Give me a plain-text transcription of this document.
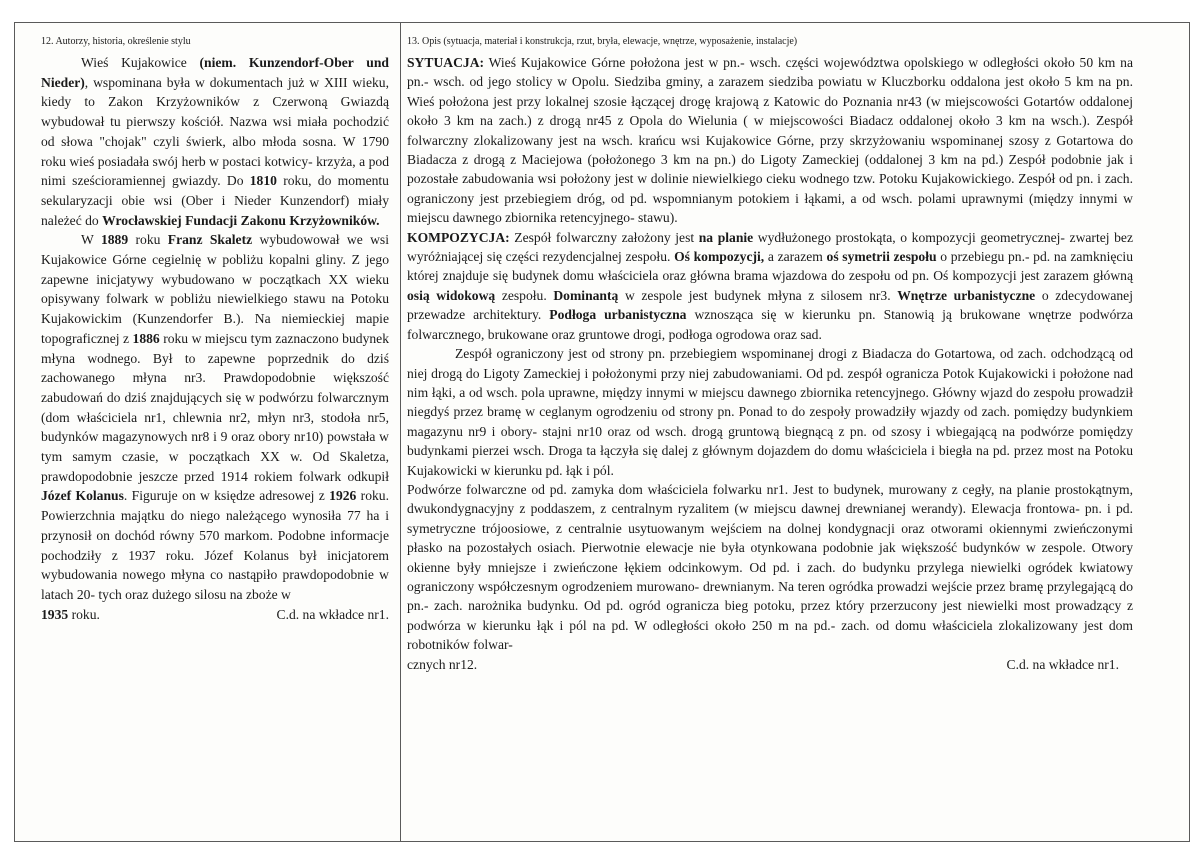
12. Autorzy, historia, określenie stylu

Wieś Kujakowice (niem. Kunzendorf-Ober und Nieder), wspominana była w dokumentach już w XIII wieku, kiedy to Zakon Krzyżowników z Czerwoną Gwiazdą wybudował tu pierwszy kościół. Nazwa wsi miała pochodzić od słowa "chojak" czyli świerk, albo młoda sosna. W 1790 roku wieś posiadała swój herb w postaci kotwicy- krzyża, a pod nimi sześcioramiennej gwiazdy. Do 1810 roku, do momentu sekularyzacji obie wsi (Ober i Nieder Kunzendorf) miały należeć do Wrocławskiej Fundacji Zakonu Krzyżowników.

W 1889 roku Franz Skaletz wybudowował we wsi Kujakowice Górne cegielnię w pobliżu kopalni gliny. Z jego zapewne inicjatywy wybudowano w początkach XX wieku opisywany folwark w pobliżu niewielkiego stawu na Potoku Kujakowickim (Kunzendorfer B.). Na niemieckiej mapie topograficznej z 1886 roku w miejscu tym zaznaczono budynek młyna wodnego. Był to zapewne poprzednik do dziś zachowanego młyna nr3. Prawdopodobnie większość zabudowań do dziś znajdujących się w podwórzu folwarcznym (dom właściciela nr1, chlewnia nr2, młyn nr3, stodoła nr5, budynków magazynowych nr8 i 9 oraz obory nr10) powstała w tym samym czasie, w początkach XX w. Od Skaletza, prawdopodobnie jeszcze przed 1914 rokiem folwark odkupił Józef Kolanus. Figuruje on w księdze adresowej z 1926 roku. Powierzchnia majątku do niego należącego wynosiła 77 ha i przynosił on dochód równy 570 markom. Podobne informacje pochodziły z 1937 roku. Józef Kolanus był inicjatorem wybudowania nowego młyna co nastąpiło prawdopodobnie w latach 20- tych oraz dużego silosu na zboże w

1935 roku.	C.d. na wkładce nr1.
13. Opis (sytuacja, materiał i konstrukcja, rzut, bryła, elewacje, wnętrze, wyposażenie, instalacje)

SYTUACJA: Wieś Kujakowice Górne położona jest w pn.- wsch. części województwa opolskiego w odległości około 50 km na pn.- wsch. od jego stolicy w Opolu. Siedziba gminy, a zarazem siedziba powiatu w Kluczborku oddalona jest około 5 km na pn. Wieś położona jest przy lokalnej szosie łączącej drogę krajową z Katowic do Poznania nr43 (w miejscowości Gotartów oddalonej około 3 km na zach.) z drogą nr45 z Opola do Wielunia ( w miejscowości Biadacz oddalonej około 3 km na wsch.). Zespół folwarczny zlokalizowany jest na wsch. krańcu wsi Kujakowice Górne, przy skrzyżowaniu wspominanej szosy z Gotartowa do Biadacza z drogą z Maciejowa (położonego 3 km na pn.) do Ligoty Zameckiej (oddalonej 3 km na pd.) Zespół podobnie jak i pozostałe zabudowania wsi położony jest w dolinie niewielkiego cieku wodnego tzw. Potoku Kujakowickiego. Zespół od pn. i zach. ograniczony jest przebiegiem dróg, od pd. wspomnianym potokiem i łąkami, a od wsch. polami uprawnymi (między innymi w miejscu dawnego zbiornika retencyjnego- stawu).

KOMPOZYCJA: Zespół folwarczny założony jest na planie wydłużonego prostokąta, o kompozycji geometrycznej- zwartej bez wyróżniającej się części rezydencjalnej zespołu. Oś kompozycji, a zarazem oś symetrii zespołu o przebiegu pn.- pd. na zamknięciu której znajduje się budynek domu właściciela oraz główna brama wjazdowa do zespołu od pn. Oś kompozycji jest zarazem główną osią widokową zespołu. Dominantą w zespole jest budynek młyna z silosem nr3. Wnętrze urbanistyczne o zdecydowanej przewadze architektury. Podłoga urbanistyczna wznosząca się w kierunku pn. Stanowią ją brukowane wnętrze podwórza folwarcznego, brukowane oraz gruntowe drogi, podłoga ogrodowa oraz sad.

Zespół ograniczony jest od strony pn. przebiegiem wspominanej drogi z Biadacza do Gotartowa, od zach. odchodzącą od niej drogą do Ligoty Zameckiej i położonymi przy niej zabudowaniami. Od pd. zespół ogranicza Potok Kujakowicki i położone nad nim łąki, a od wsch. pola uprawne, między innymi w miejscu dawnego zbiornika retencyjnego. Główny wjazd do zespołu prowadził niegdyś przez bramę w ceglanym ogrodzeniu od strony pn. Ponad to do zespoły prowadziły wjazdy od zach. pomiędzy budynkiem magazynu nr9 i obory- stajni nr10 oraz od wsch. drogą gruntową biegnącą z pn. od szosy i wbiegającą na podwórze pomiędzy budynkami pierzei wsch. Droga ta łączyła się dalej z głównym dojazdem do domu właściciela i biegła na pd. przez most na Potoku Kujakowicki w kierunku pd. łąk i pól.

Podwórze folwarczne od pd. zamyka dom właściciela folwarku nr1. Jest to budynek, murowany z cegły, na planie prostokątnym, dwukondygnacyjny z poddaszem, z centralnym ryzalitem (w miejscu dawnej drewnianej werandy). Elewacja frontowa- pn. i pd. symetryczne trójoosiowe, z centralnie usytuowanym wejściem na dolnej kondygnacji oraz otworami okiennymi zwieńczonymi płasko na pozostałych osiach. Pierwotnie elewacje nie była otynkowana podobnie jak większość budynków w zespole. Otwory okienne były mniejsze i zwieńczone łękiem odcinkowym. Od pd. i zach. do budynku przylega niewielki ogródek kwiatowy ograniczony współczesnym ogrodzeniem murowano- drewnianym. Na teren ogródka prowadzi wejście przez bramę przylegającą do pn.- zach. narożnika budynku. Od pd. ogród ogranicza bieg potoku, przez który przerzucony jest niewielki most prowadzący z podwórza w kierunku łąk i pól na pd. W odległości około 250 m na pd.- zach. od domu właściciela zlokalizowany jest dom robotników folwar-

cznych nr12.	C.d. na wkładce nr1.
